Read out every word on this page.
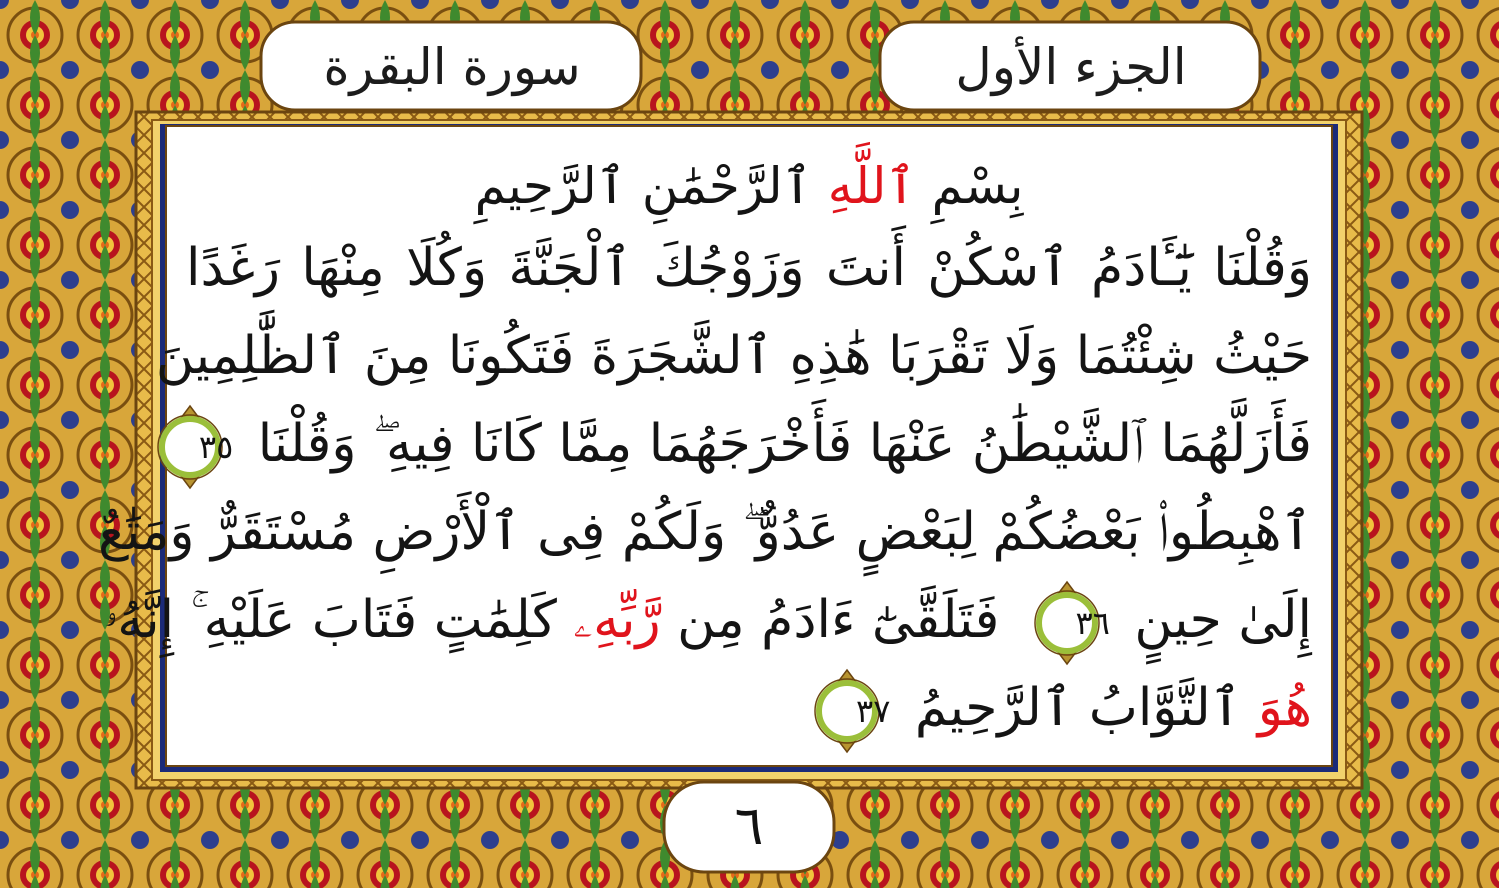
الجزء الأول
سورة البقرة
بِسْمِ ٱللَّهِ ٱلرَّحْمَٰنِ ٱلرَّحِيمِ
وَقُلْنَا يَٰٓـَٔادَمُ ٱسْكُنْ أَنتَ وَزَوْجُكَ ٱلْجَنَّةَ وَكُلَا مِنْهَا رَغَدًا
حَيْثُ شِئْتُمَا وَلَا تَقْرَبَا هَٰذِهِ ٱلشَّجَرَةَ فَتَكُونَا مِنَ ٱلظَّٰلِمِينَ
فَأَزَلَّهُمَا ٱلشَّيْطَٰنُ عَنْهَا فَأَخْرَجَهُمَا مِمَّا كَانَا فِيهِ ۖ وَقُلْنَا
٣٥
ٱهْبِطُوا۟ بَعْضُكُمْ لِبَعْضٍ عَدُوٌّ ۖ وَلَكُمْ فِى ٱلْأَرْضِ مُسْتَقَرٌّ وَمَتَٰعٌ
إِلَىٰ حِينٍ
٣٦
فَتَلَقَّىٰٓ ءَادَمُ مِن رَّبِّهِۦ كَلِمَٰتٍ فَتَابَ عَلَيْهِ ۚ إِنَّهُۥ
هُوَ ٱلتَّوَّابُ ٱلرَّحِيمُ
٣٧
٦
